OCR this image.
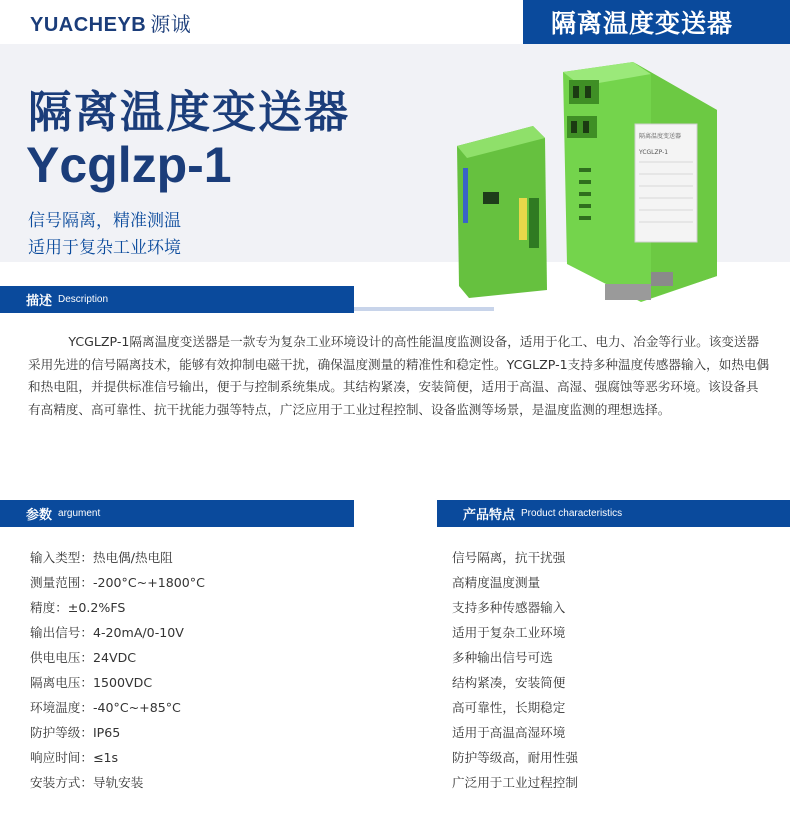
YUACHEYB 源诚	隔离温度变送器
隔离温度变送器
Ycglzp-1
信号隔离，精准测温
适用于复杂工业环境
隔离温度变送器
YCGLZP-1
描述 Description
YCGLZP-1隔离温度变送器是一款专为复杂工业环境设计的高性能温度监测设备，适用于化工、电力、冶金等行业。该变送器采用先进的信号隔离技术，能够有效抑制电磁干扰，确保温度测量的精准性和稳定性。YCGLZP-1支持多种温度传感器输入，如热电偶和热电阻，并提供标准信号输出，便于与控制系统集成。其结构紧凑，安装简便，适用于高温、高湿、强腐蚀等恶劣环境。该设备具有高精度、高可靠性、抗干扰能力强等特点，广泛应用于工业过程控制、设备监测等场景，是温度监测的理想选择。
参数 argument	产品特点 Product characteristics
输入类型：热电偶/热电阻
测量范围：-200°C~+1800°C
精度：±0.2%FS
输出信号：4-20mA/0-10V
供电电压：24VDC
隔离电压：1500VDC
环境温度：-40°C~+85°C
防护等级：IP65
响应时间：≤1s
安装方式：导轨安装
信号隔离，抗干扰强
高精度温度测量
支持多种传感器输入
适用于复杂工业环境
多种输出信号可选
结构紧凑，安装简便
高可靠性，长期稳定
适用于高温高湿环境
防护等级高，耐用性强
广泛用于工业过程控制
